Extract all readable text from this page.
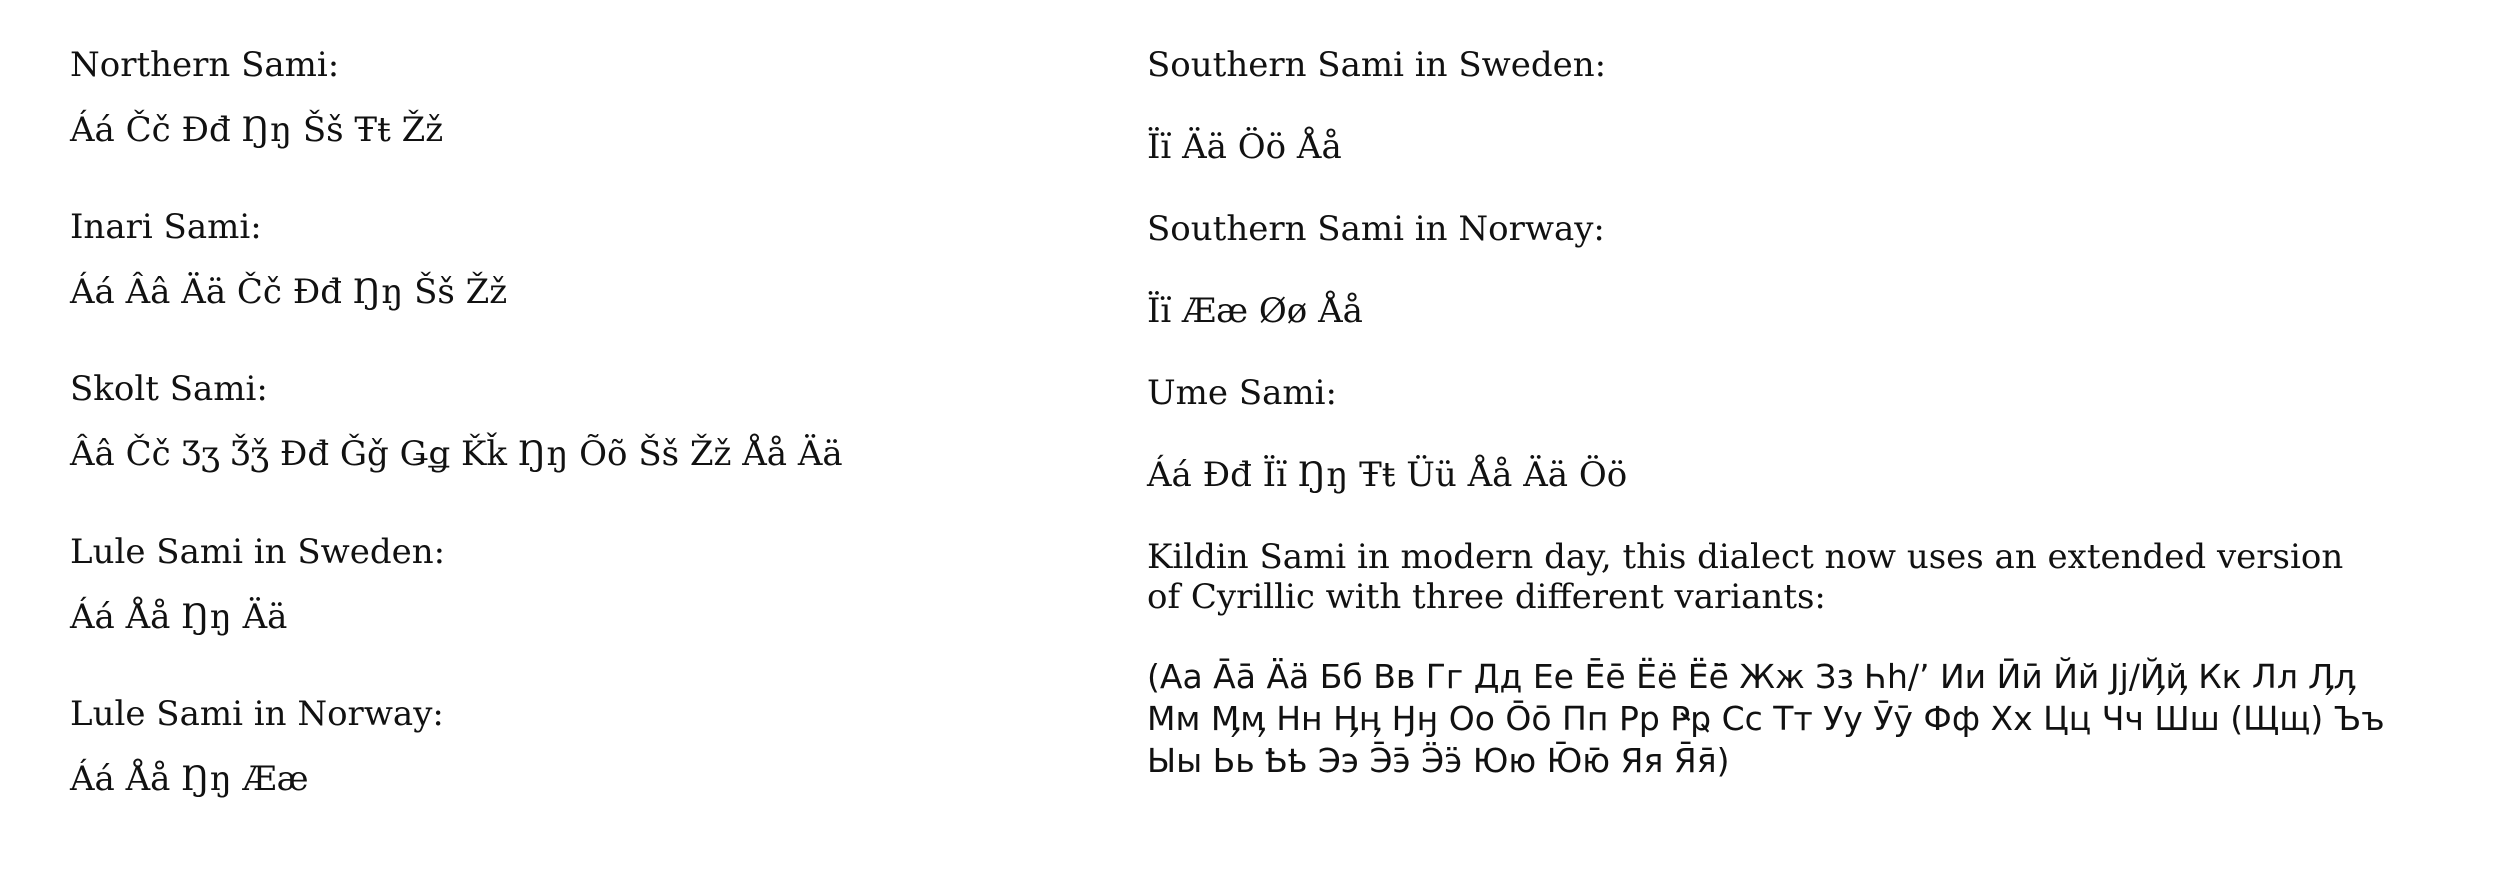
Northern Sami:
Áá Čč Đđ Ŋŋ Šš Ŧŧ Žž
Inari Sami:
Áá Ââ Ää Čč Đđ Ŋŋ Šš Žž
Skolt Sami:
Ââ Čč Ʒʒ Ǯǯ Đđ Ǧǧ Ǥǥ Ǩǩ Ŋŋ Õõ Šš Žž Åå Ää
Lule Sami in Sweden:
Áá Åå Ŋŋ Ää
Lule Sami in Norway:
Áá Åå Ŋŋ Ææ
Southern Sami in Sweden:
Ïï Ää Öö Åå
Southern Sami in Norway:
Ïï Ææ Øø Åå
Ume Sami:
Áá Đđ Ïï Ŋŋ Ŧŧ Üü Åå Ää Öö
Kildin Sami in modern day, this dialect now uses an extended version of Cyrillic with three different variants:
(Аа Āā Ӓӓ Бб Вв Гг Дд Ее Ēē Ёё Ё̄ё̄ Жж Зз Һһ/ʼ Ии Ӣӣ Йй Јј/Ҋҋ Кк Лл Ӆӆ Мм Ӎӎ Нн Ӊӊ Ӈӈ Оо Ōō Пп Рр Ҏҏ Сс Тт Уу Ӯӯ Фф Хх Цц Чч Шш (Щщ) Ъъ Ыы Ьь Ҍҍ Ээ Э̄э̄ Ӭӭ Юю Ю̄ю̄ Яя Я̄я̄)
